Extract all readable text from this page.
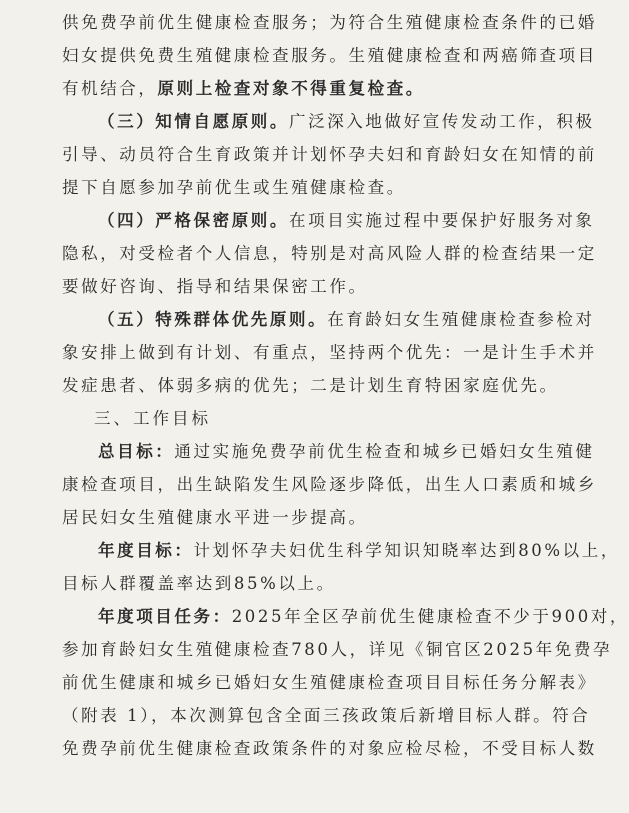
供免费孕前优生健康检查服务；为符合生殖健康检查条件的已婚
妇女提供免费生殖健康检查服务。生殖健康检查和两癌筛查项目
有机结合，原则上检查对象不得重复检查。
（三）知情自愿原则。广泛深入地做好宣传发动工作，积极
引导、动员符合生育政策并计划怀孕夫妇和育龄妇女在知情的前
提下自愿参加孕前优生或生殖健康检查。
（四）严格保密原则。在项目实施过程中要保护好服务对象
隐私，对受检者个人信息，特别是对高风险人群的检查结果一定
要做好咨询、指导和结果保密工作。
（五）特殊群体优先原则。在育龄妇女生殖健康检查参检对
象安排上做到有计划、有重点，坚持两个优先：一是计生手术并
发症患者、体弱多病的优先；二是计划生育特困家庭优先。
三、工作目标
总目标：通过实施免费孕前优生检查和城乡已婚妇女生殖健
康检查项目，出生缺陷发生风险逐步降低，出生人口素质和城乡
居民妇女生殖健康水平进一步提高。
年度目标：计划怀孕夫妇优生科学知识知晓率达到80%以上，
目标人群覆盖率达到85%以上。
年度项目任务：2025年全区孕前优生健康检查不少于900对，
参加育龄妇女生殖健康检查780人，详见《铜官区2025年免费孕
前优生健康和城乡已婚妇女生殖健康检查项目目标任务分解表》
（附表 1），本次测算包含全面三孩政策后新增目标人群。符合
免费孕前优生健康检查政策条件的对象应检尽检，不受目标人数
